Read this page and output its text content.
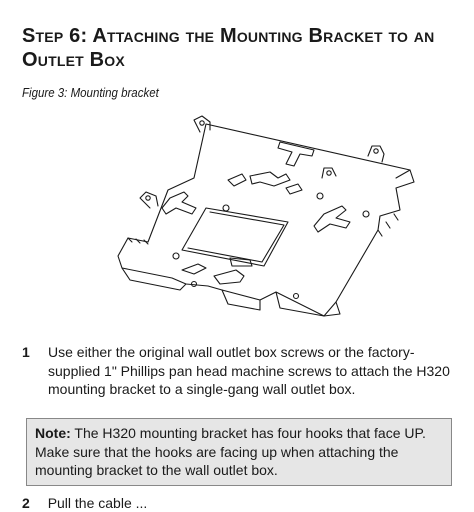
Step 6: Attaching the Mounting Bracket to an Outlet Box

Figure 3: Mounting bracket

1 Use either the original wall outlet box screws or the factory-supplied 1" Phillips pan head machine screws to attach the H320 mounting bracket to a single-gang wall outlet box.

Note: The H320 mounting bracket has four hooks that face UP. Make sure that the hooks are facing up when attaching the mounting bracket to the wall outlet box.
2 Pull the cable ...
